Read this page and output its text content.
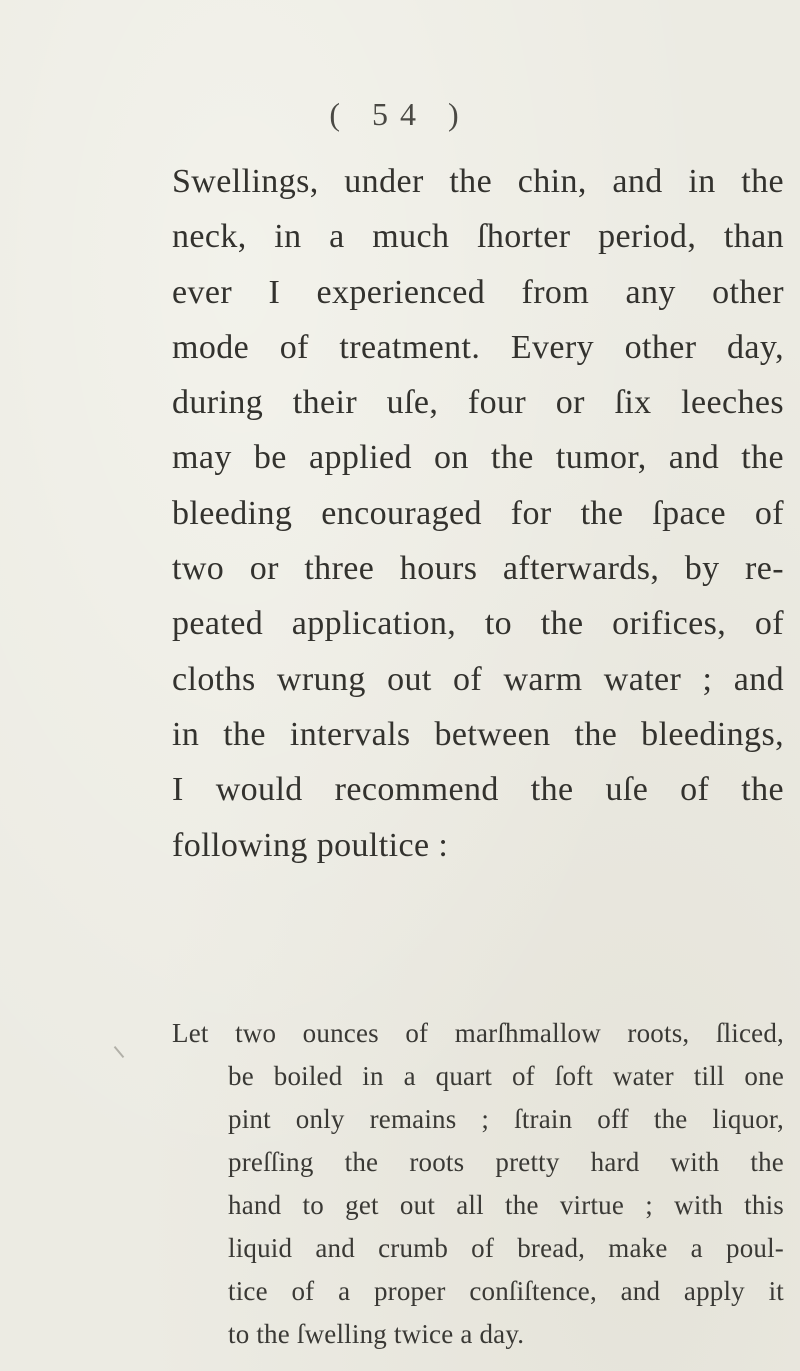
( 54 )
Swellings, under the chin, and in the
neck, in a much ſhorter period, than
ever I experienced from any other
mode of treatment. Every other day,
during their uſe, four or ſix leeches
may be applied on the tumor, and the
bleeding encouraged for the ſpace of
two or three hours afterwards, by re-
peated application, to the orifices, of
cloths wrung out of warm water ; and
in the intervals between the bleedings,
I would recommend the uſe of the
following poultice :
Let two ounces of marſhmallow roots, ſliced,
be boiled in a quart of ſoft water till one
pint only remains ; ſtrain off the liquor,
preſſing the roots pretty hard with the
hand to get out all the virtue ; with this
liquid and crumb of bread, make a poul-
tice of a proper conſiſtence, and apply it
to the ſwelling twice a day.
